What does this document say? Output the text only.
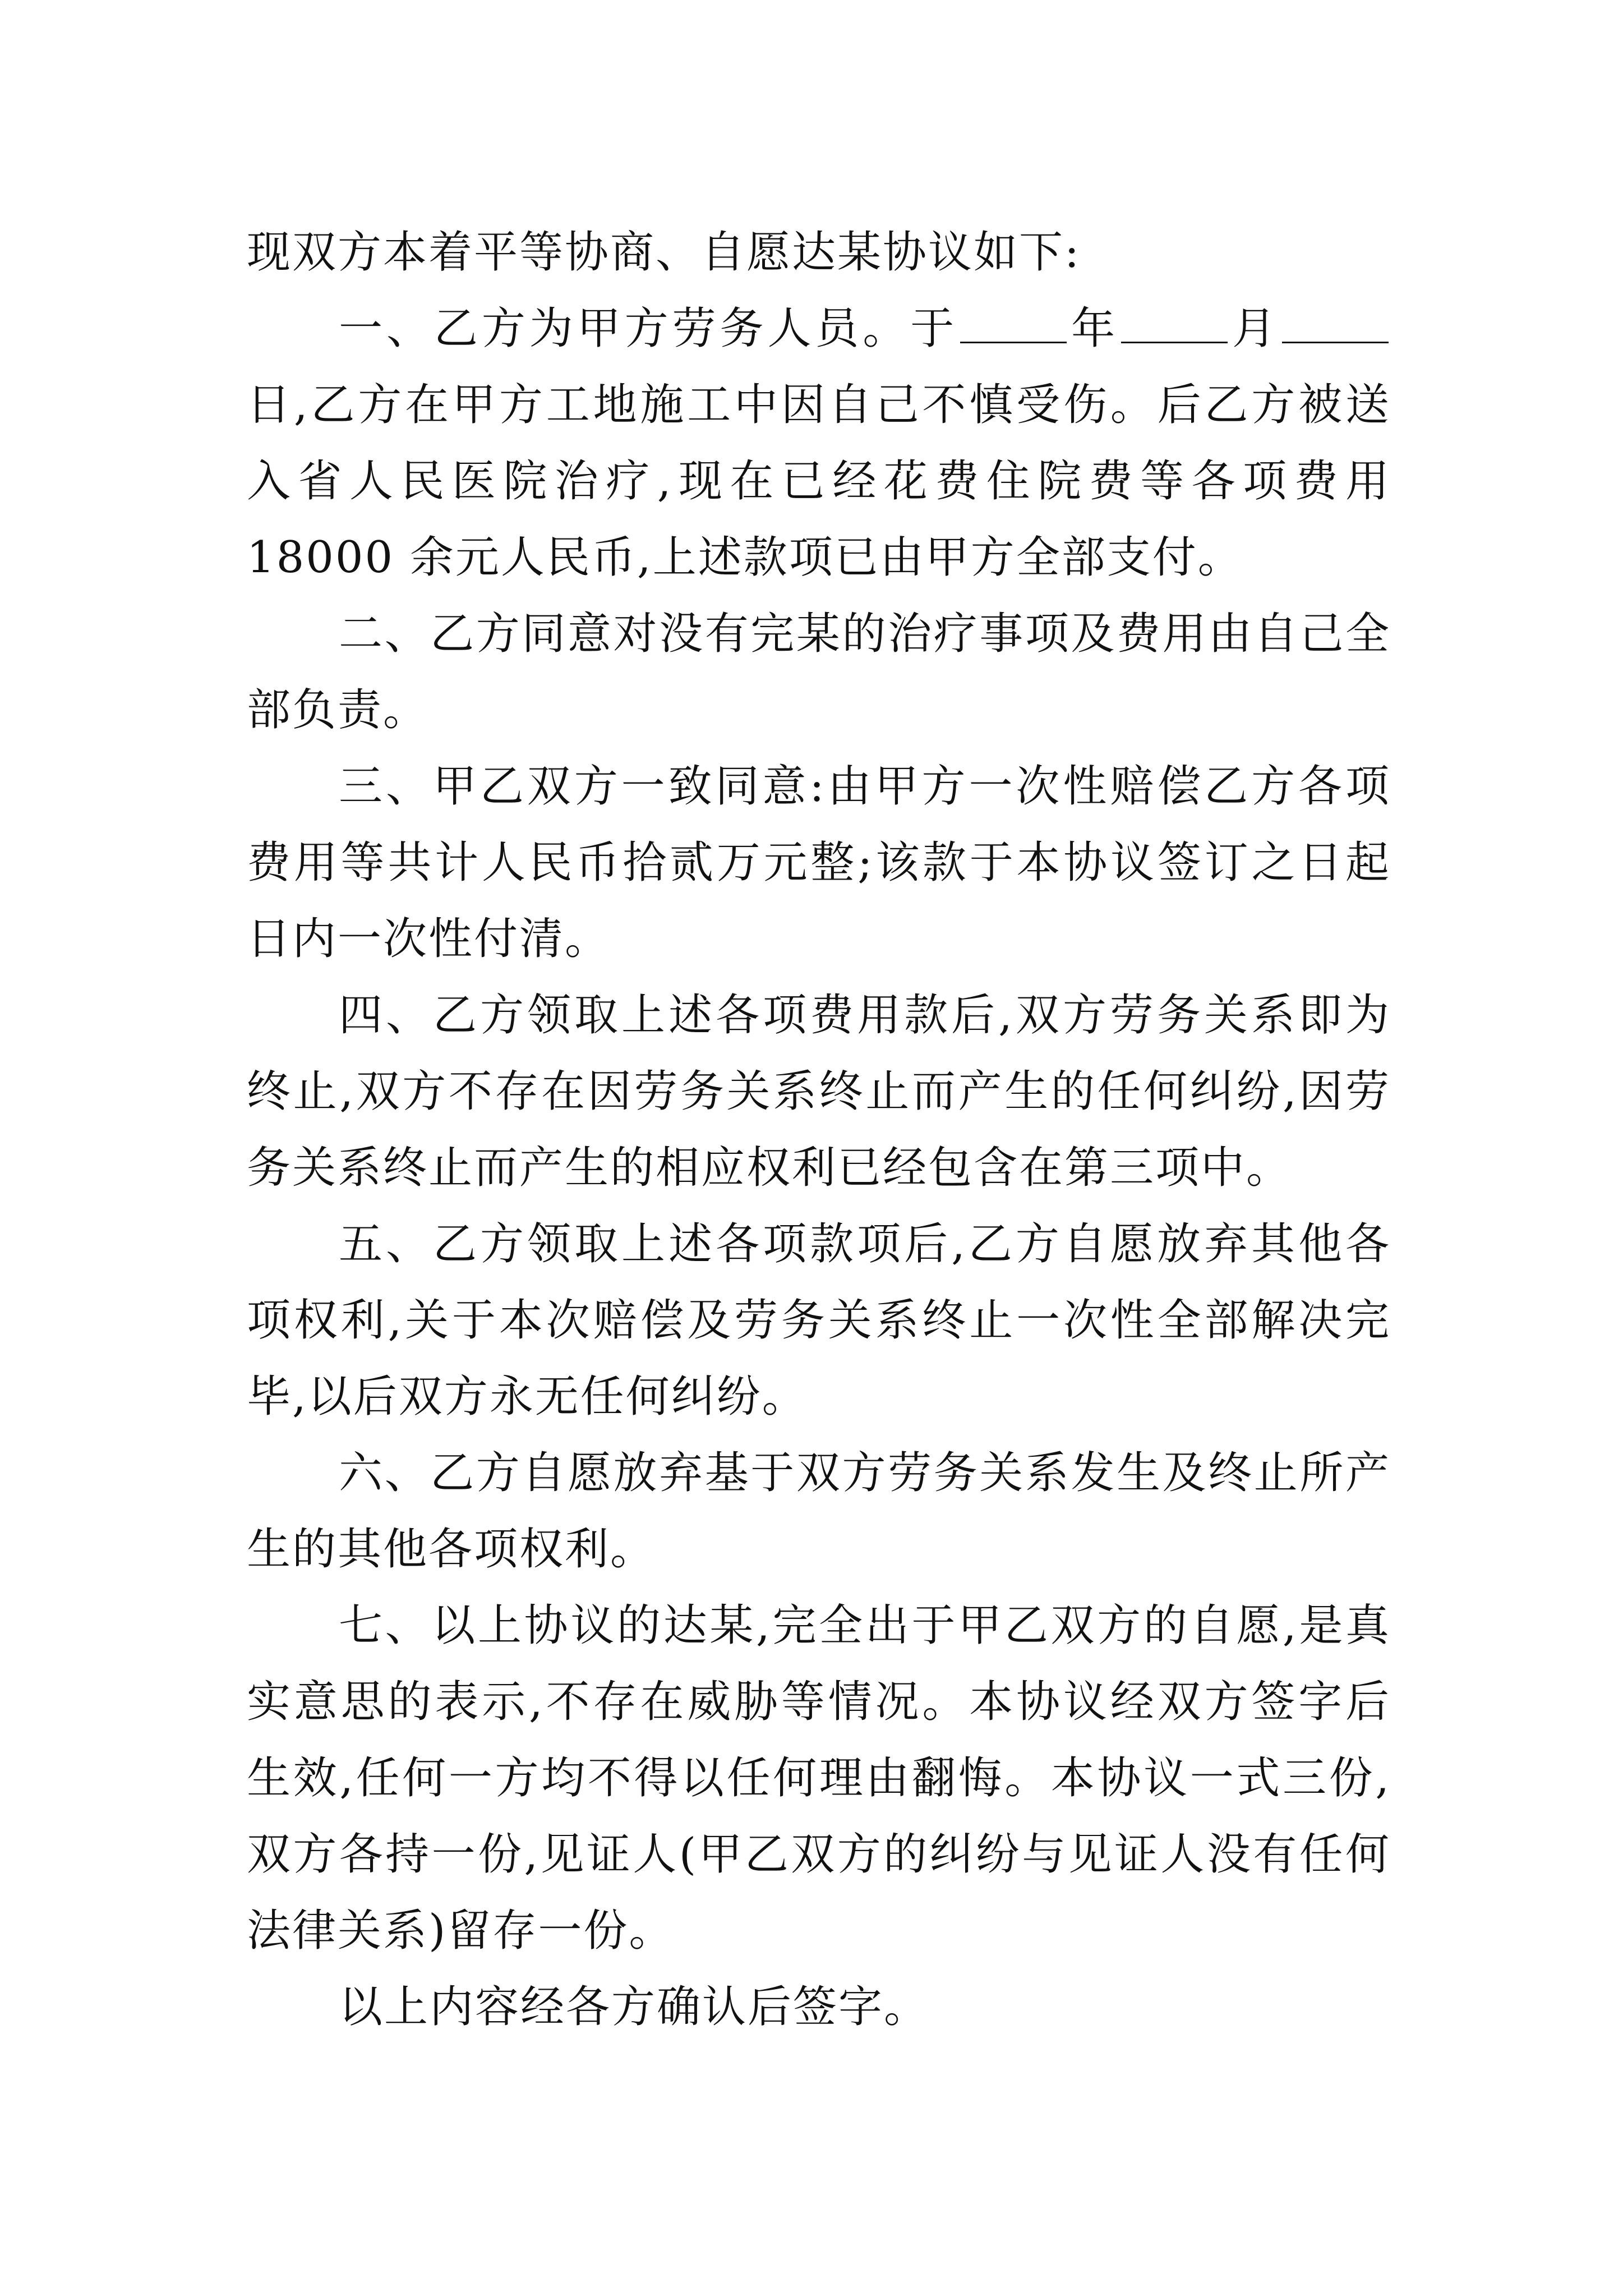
现双方本着平等协商、自愿达某协议如下:

一、乙方为甲方劳务人员。于	年	月日,乙方在甲方工地施工中因自己不慎受伤。后乙方被送入省人民医院治疗,现在已经花费住院费等各项费用 18000 余元人民币,上述款项已由甲方全部支付。

二、乙方同意对没有完某的治疗事项及费用由自己全部负责。

三、甲乙双方一致同意:由甲方一次性赔偿乙方各项费用等共计人民币拾贰万元整;该款于本协议签订之日起日内一次性付清。

四、乙方领取上述各项费用款后,双方劳务关系即为终止,双方不存在因劳务关系终止而产生的任何纠纷,因劳务关系终止而产生的相应权利已经包含在第三项中。

五、乙方领取上述各项款项后,乙方自愿放弃其他各项权利,关于本次赔偿及劳务关系终止一次性全部解决完毕,以后双方永无任何纠纷。

六、乙方自愿放弃基于双方劳务关系发生及终止所产生的其他各项权利。

七、以上协议的达某,完全出于甲乙双方的自愿,是真实意思的表示,不存在威胁等情况。本协议经双方签字后生效,任何一方均不得以任何理由翻悔。本协议一式三份,双方各持一份,见证人(甲乙双方的纠纷与见证人没有任何法律关系)留存一份。

以上内容经各方确认后签字。
